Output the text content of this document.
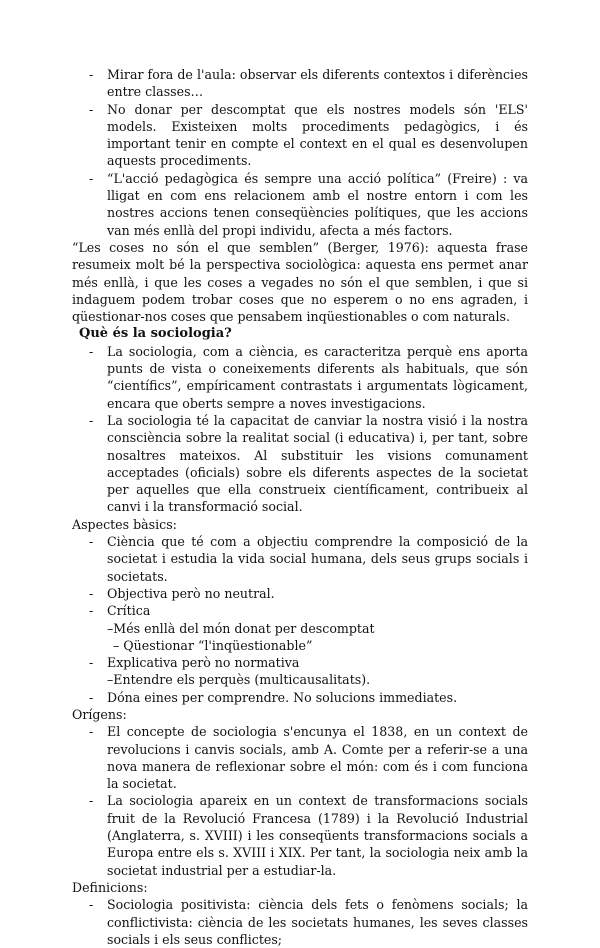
- Mirar fora de l'aula: observar els diferents contextos i diferències entre classes…
- No donar per descomptat que els nostres models són 'ELS' models. Existeixen molts procediments pedagògics, i és important tenir en compte el context en el qual es desenvolupen aquests procediments.
- “L'acció pedagògica és sempre una acció política” (Freire) : va lligat en com ens relacionem amb el nostre entorn i com les nostres accions tenen conseqüències polítiques, que les accions van més enllà del propi individu, afecta a més factors.
“Les coses no són el que semblen” (Berger, 1976): aquesta frase resumeix molt bé la perspectiva sociològica: aquesta ens permet anar més enllà, i que les coses a vegades no són el que semblen, i que si indaguem podem trobar coses que no esperem o no ens agraden, i qüestionar-nos coses que pensabem inqüestionables o com naturals.
Què és la sociologia?
- La sociologia, com a ciència, es caracteritza perquè ens aporta punts de vista o coneixements diferents als habituals, que són “científics”, empíricament contrastats i argumentats lògicament, encara que oberts sempre a noves investigacions.
- La sociologia té la capacitat de canviar la nostra visió i la nostra consciència sobre la realitat social (i educativa) i, per tant, sobre nosaltres mateixos. Al substituir les visions comunament acceptades (oficials) sobre els diferents aspectes de la societat per aquelles que ella construeix científicament, contribueix al canvi i la transformació social.
Aspectes bàsics:
- Ciència que té com a objectiu comprendre la composició de la societat i estudia la vida social humana, dels seus grups socials i societats.
- Objectiva però no neutral.
- Crítica
–Més enllà del món donat per descomptat
– Qüestionar “l'inqüestionable”
- Explicativa però no normativa
–Entendre els perquès (multicausalitats).
- Dóna eines per comprendre. No solucions immediates.
Orígens:
- El concepte de sociologia s'encunya el 1838, en un context de revolucions i canvis socials, amb A. Comte per a referir-se a una nova manera de reflexionar sobre el món: com és i com funciona la societat.
- La sociologia apareix en un context de transformacions socials fruit de la Revolució Francesa (1789) i la Revolució Industrial (Anglaterra, s. XVIII) i les conseqüents transformacions socials a Europa entre els s. XVIII i XIX. Per tant, la sociologia neix amb la societat industrial per a estudiar-la.
Definicions:
- Sociologia positivista: ciència dels fets o fenòmens socials; la conflictivista: ciència de les societats humanes, les seves classes socials i els seus conflictes;
